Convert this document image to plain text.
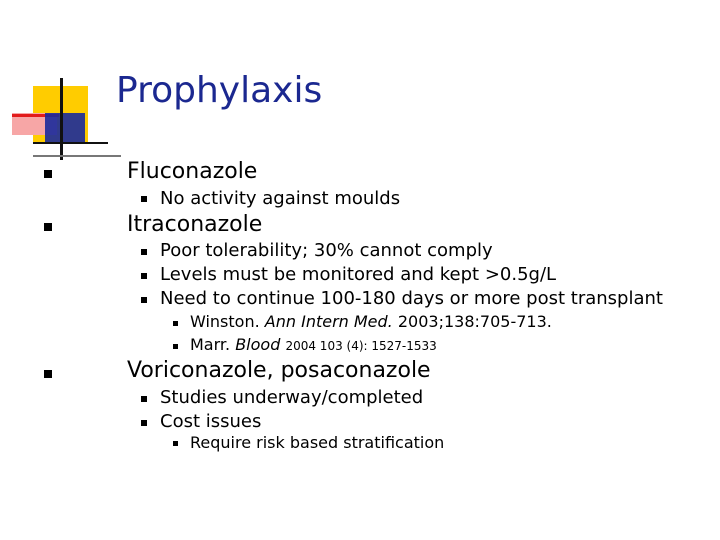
Prophylaxis
Fluconazole
No activity against moulds
Itraconazole
Poor tolerability; 30% cannot comply
Levels must be monitored and kept >0.5g/L
Need to continue 100-180 days or more post transplant
Winston. Ann Intern Med. 2003;138:705-713.
Marr. Blood 2004 103 (4): 1527-1533
Voriconazole, posaconazole
Studies underway/completed
Cost issues
Require risk based stratification
